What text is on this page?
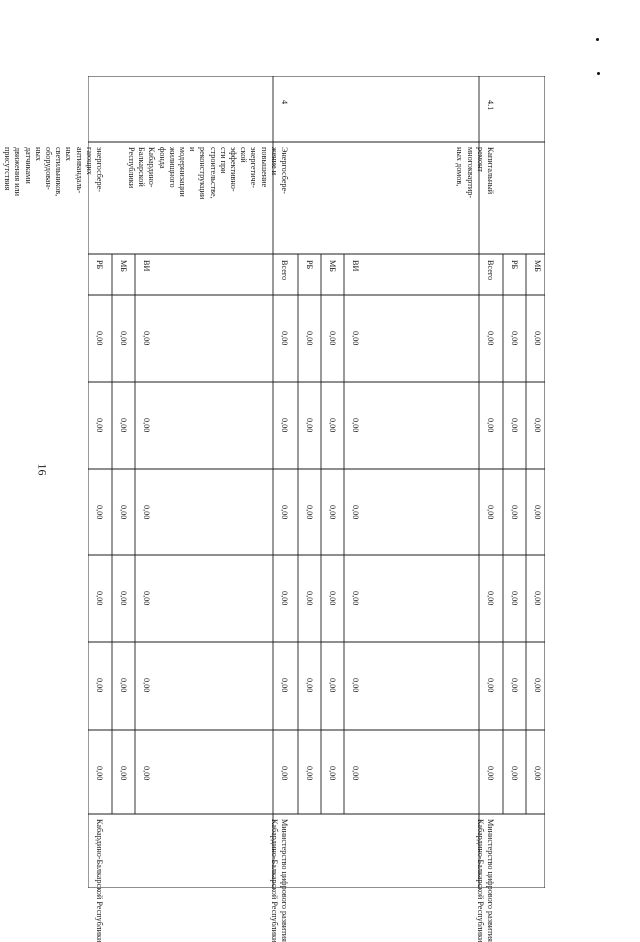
16
энергосбере-
гающих
антивандаль-
ных
светильников,
оборудован-
ных
датчиками
движения или
присутствия

Кабардино-Балкарской Республики
РБ
0,00
0,00
0,00
0,00
0,00
0,00
МБ
0,00
0,00
0,00
0,00
0,00
0,00
ВИ
0,00
0,00
0,00
0,00
0,00
0,00
4
Энергосбере-
жение и
повышение
энергетиче-
ской
эффективно-
сти при
строительстве,
реконструкции
и
модернизации
жилищного
фонда
Кабардино-
Балкарской
Республики
Министерство цифрового развития
Кабардино-Балкарской Республики
Всего
0,00
0,00
0,00
0,00
0,00
0,00
РБ
0,00
0,00
0,00
0,00
0,00
0,00
МБ
0,00
0,00
0,00
0,00
0,00
0,00
ВИ
0,00
0,00
0,00
0,00
0,00
0,00
4.1
Капитальный
ремонт
многоквартир-
ных домов,
Министерство цифрового развития
Кабардино-Балкарской Республики
Всего
0,00
0,00
0,00
0,00
0,00
0,00
РБ
0,00
0,00
0,00
0,00
0,00
0,00
МБ
0,00
0,00
0,00
0,00
0,00
0,00
